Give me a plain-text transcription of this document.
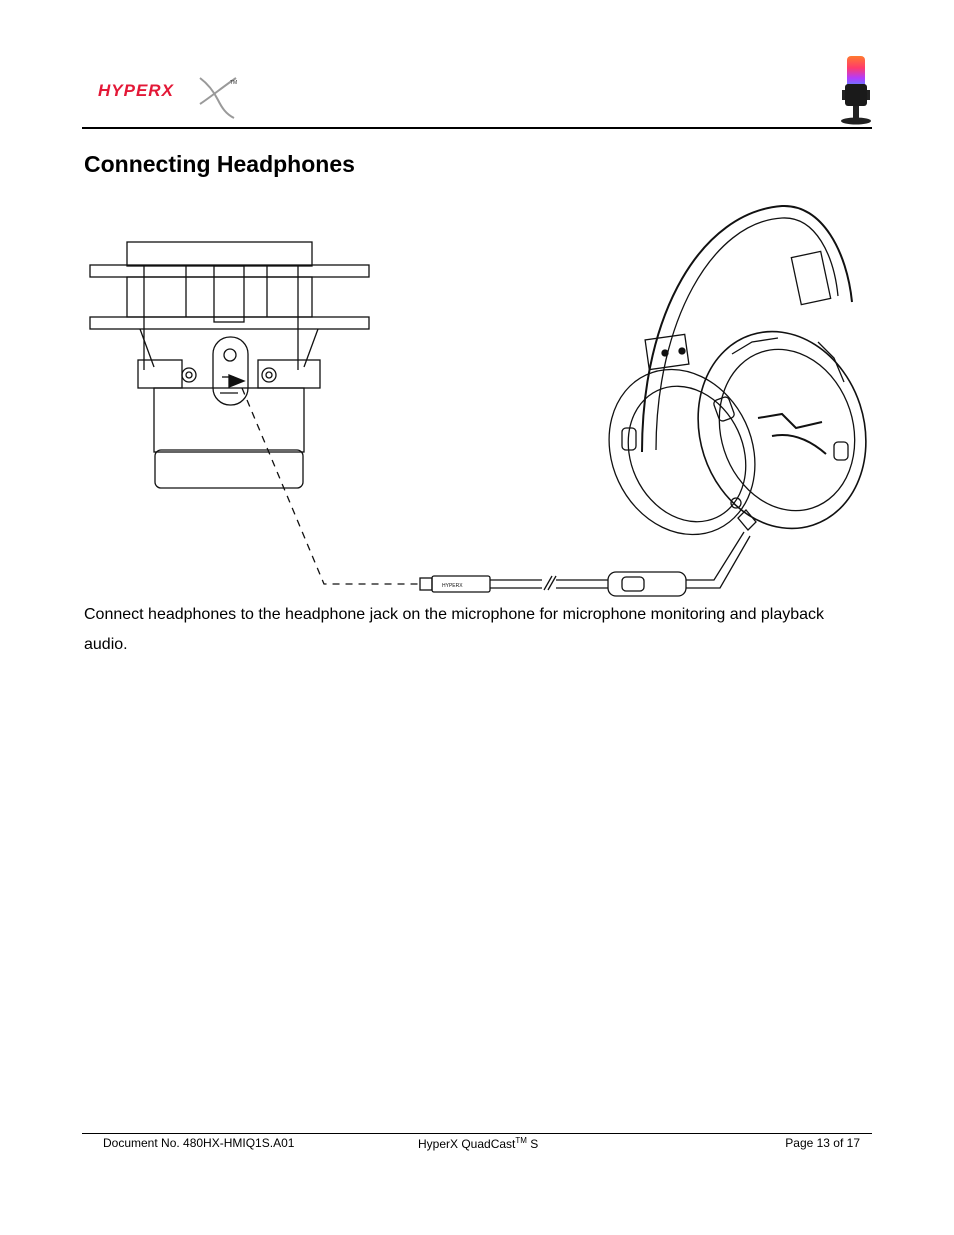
HYPERX	TM
Connecting Headphones
HYPERX

Connect headphones to the headphone jack on the microphone for microphone monitoring and playback audio.

Document No. 480HX-HMIQ1S.A01	HyperX QuadCast™ S	Page 13 of 17
